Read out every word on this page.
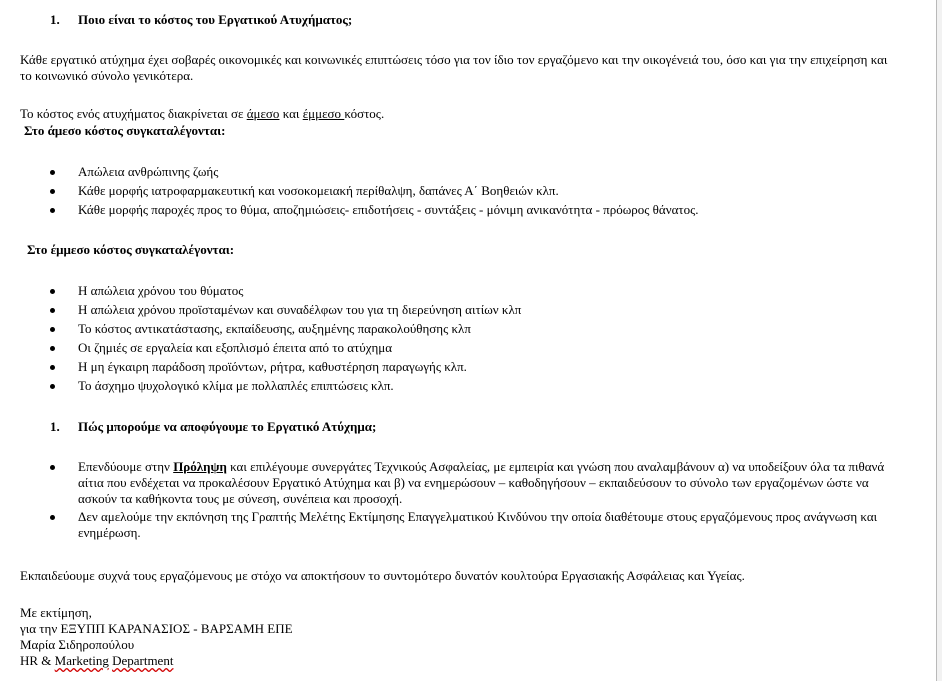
1. Ποιο είναι το κόστος του Εργατικού Ατυχήματος;

Κάθε εργατικό ατύχημα έχει σοβαρές οικονομικές και κοινωνικές επιπτώσεις τόσο για τον ίδιο τον εργαζόμενο και την οικογένειά του, όσο και για την επιχείρηση και το κοινωνικό σύνολο γενικότερα.

Το κόστος ενός ατυχήματος διακρίνεται σε άμεσο και έμμεσο κόστος.

Στο άμεσο κόστος συγκαταλέγονται:
Απώλεια ανθρώπινης ζωής
Κάθε μορφής ιατροφαρμακευτική και νοσοκομειακή περίθαλψη, δαπάνες Α΄ Βοηθειών κλπ.
Κάθε μορφής παροχές προς το θύμα, αποζημιώσεις- επιδοτήσεις - συντάξεις - μόνιμη ανικανότητα - πρόωρος θάνατος.
Στο έμμεσο κόστος συγκαταλέγονται:
Η απώλεια χρόνου του θύματος
Η απώλεια χρόνου προϊσταμένων και συναδέλφων του για τη διερεύνηση αιτίων κλπ
Το κόστος αντικατάστασης, εκπαίδευσης, αυξημένης παρακολούθησης κλπ
Οι ζημιές σε εργαλεία και εξοπλισμό έπειτα από το ατύχημα
Η μη έγκαιρη παράδοση προϊόντων, ρήτρα, καθυστέρηση παραγωγής κλπ.
Το άσχημο ψυχολογικό κλίμα με πολλαπλές επιπτώσεις κλπ.
1. Πώς μπορούμε να αποφύγουμε το Εργατικό Ατύχημα;
Επενδύουμε στην Πρόληψη και επιλέγουμε συνεργάτες Τεχνικούς Ασφαλείας, με εμπειρία και γνώση που αναλαμβάνουν α) να υποδείξουν όλα τα πιθανά αίτια που ενδέχεται να προκαλέσουν Εργατικό Ατύχημα και β) να ενημερώσουν – καθοδηγήσουν – εκπαιδεύσουν το σύνολο των εργαζομένων ώστε να ασκούν τα καθήκοντα τους με σύνεση, συνέπεια και προσοχή.
Δεν αμελούμε την εκπόνηση της Γραπτής Μελέτης Εκτίμησης Επαγγελματικού Κινδύνου την οποία διαθέτουμε στους εργαζόμενους προς ανάγνωση και ενημέρωση.

Εκπαιδεύουμε συχνά τους εργαζόμενους με στόχο να αποκτήσουν το συντομότερο δυνατόν κουλτούρα Εργασιακής Ασφάλειας και Υγείας.

Με εκτίμηση,
για την ΕΞΥΠΠ ΚΑΡΑΝΑΣΙΟΣ - ΒΑΡΣΑΜΗ ΕΠΕ
Μαρία Σιδηροπούλου
HR & Marketing Department
